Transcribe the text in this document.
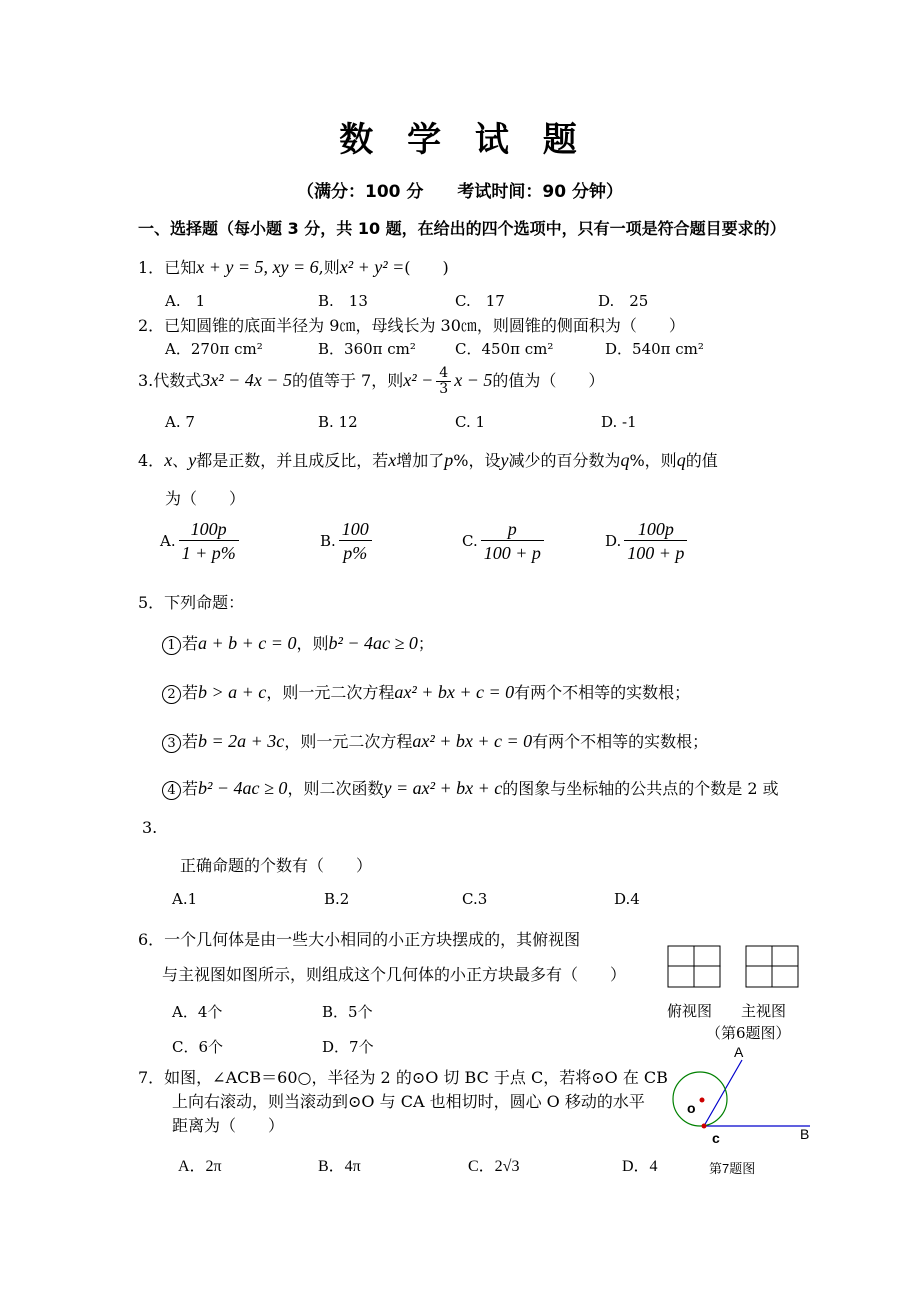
数 学 试 题
（满分：100 分　　考试时间：90 分钟）
一、选择题（每小题 3 分，共 10 题，在给出的四个选项中，只有一项是符合题目要求的）
1．已知x + y = 5, xy = 6,则x² + y² =(　　)
A.　1	B.　13	C.　17	D.　25
2．已知圆锥的底面半径为 9㎝，母线长为 30㎝，则圆锥的侧面积为（　　）
A．270π cm²	B．360π cm²	C．450π cm²	D．540π cm²
3.代数式3x² − 4x − 5的值等于 7，则$x^2 - \frac{4}{3}$ x − 5的值为（　　）
A. 7	B. 12	C. 1	D. -1
4．x、y都是正数，并且成反比，若x增加了p%，设y减少的百分数为q%，则q的值
为（　　）
A. $\frac{100p}{1 + p\%}$	B. $\frac{100}{p\%}$	C. $\frac{p}{100 + p}$	D. $\frac{100p}{100 + p}$
5．下列命题：
1 若a + b + c = 0，则b² − 4ac ≥ 0；
2 若b > a + c，则一元二次方程ax² + bx + c = 0有两个不相等的实数根；
3 若b = 2a + 3c，则一元二次方程ax² + bx + c = 0有两个不相等的实数根；
4 若b² − 4ac ≥ 0，则二次函数y = ax² + bx + c的图象与坐标轴的公共点的个数是 2 或
3.
正确命题的个数有（　　）
A.1	B.2	C.3	D.4
6．一个几何体是由一些大小相同的小正方块摆成的，其俯视图
与主视图如图所示，则组成这个几何体的小正方块最多有（　　）
A．4个	B．5个
C．6个	D．7个
俯视图 主视图
（第6题图）
7．如图，∠ACB＝60○，半径为 2 的⊙O 切 BC 于点 C，若将⊙O 在 CB
上向右滚动，则当滚动到⊙O 与 CA 也相切时，圆心 O 移动的水平
距离为（　　）
A．2π	B．4π	C．2√3	D．4
A
B
c
o
第7题图
